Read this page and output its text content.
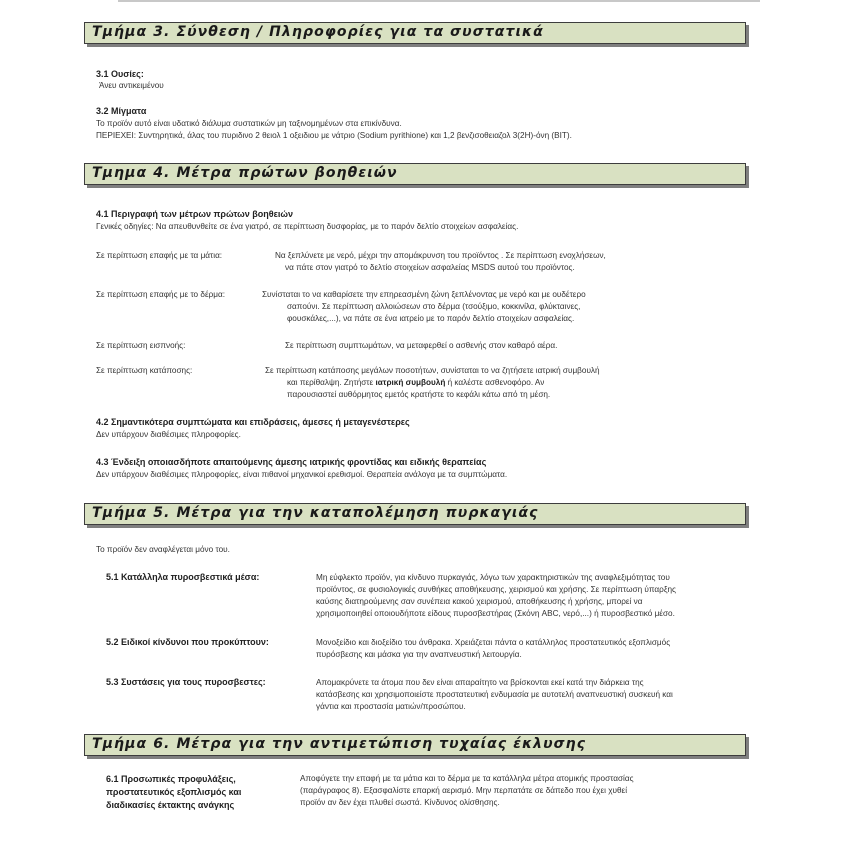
Τμήμα 3. Σύνθεση / Πληροφορίες για τα συστατικά
3.1 Ουσίες:
Άνευ αντικειμένου
3.2 Μίγματα
Το προϊόν αυτό είναι υδατικό διάλυμα συστατικών μη ταξινομημένων στα επικίνδυνα.
ΠΕΡΙΕΧΕΙ: Συντηρητικά, άλας του πυριδινο 2 θειολ 1 οξειδιου με νάτριο (Sodium pyrithione) και 1,2 βενζισοθειαζολ 3(2Η)-όνη (BIT).
Τμημα 4. Μέτρα πρώτων βοηθειών
4.1 Περιγραφή των μέτρων πρώτων βοηθειών
Γενικές οδηγίες: Να απευθυνθείτε σε ένα γιατρό, σε περίπτωση δυσφορίας, με το παρόν δελτίο στοιχείων ασφαλείας.
Σε περίπτωση επαφής με τα μάτια:	Να ξεπλύνετε με νερό, μέχρι την απομάκρυνση του προϊόντος . Σε περίπτωση ενοχλήσεων,
να πάτε στον γιατρό το δελτίο στοιχείων ασφαλείας MSDS αυτού του προϊόντος.
Σε περίπτωση επαφής με το δέρμα:	Συνίσταται το να καθαρίσετε την επηρεασμένη ζώνη ξεπλένοντας με νερό και με ουδέτερο
σαπούνι. Σε περίπτωση αλλοιώσεων στο δέρμα (τσούξιμο, κοκκινίλα, φλύκταινες,
φουσκάλες,...), να πάτε σε ένα ιατρείο με το παρόν δελτίο στοιχείων ασφαλείας.
Σε περίπτωση εισπνοής:	Σε περίπτωση συμπτωμάτων, να μεταφερθεί ο ασθενής στον καθαρό αέρα.
Σε περίπτωση κατάποσης:	Σε περίπτωση κατάποσης μεγάλων ποσοτήτων, συνίσταται το να ζητήσετε ιατρική συμβουλή
και περίθαλψη. Ζητήστε ιατρική συμβουλή ή καλέστε ασθενοφόρο. Αν
παρουσιαστεί αυθόρμητος εμετός κρατήστε το κεφάλι κάτω από τη μέση.
4.2 Σημαντικότερα συμπτώματα και επιδράσεις, άμεσες ή μεταγενέστερες
Δεν υπάρχουν διαθέσιμες πληροφορίες.
4.3 Ένδειξη οποιασδήποτε απαιτούμενης άμεσης ιατρικής φροντίδας και ειδικής θεραπείας
Δεν υπάρχουν διαθέσιμες πληροφορίες, είναι πιθανοί μηχανικοί ερεθισμοί. Θεραπεία ανάλογα με τα συμπτώματα.
Τμήμα 5. Μέτρα για την καταπολέμηση πυρκαγιάς
Το προϊόν δεν αναφλέγεται μόνο του.
5.1 Κατάλληλα πυροσβεστικά μέσα:	Μη εύφλεκτο προϊόν, για κίνδυνο πυρκαγιάς, λόγω των χαρακτηριστικών της αναφλεξιμότητας του
προϊόντος, σε φυσιολογικές συνθήκες αποθήκευσης, χειρισμού και χρήσης. Σε περίπτωση ύπαρξης
καύσης διατηρούμενης σαν συνέπεια κακού χειρισμού, αποθήκευσης ή χρήσης, μπορεί να
χρησιμοποιηθεί οποιουδήποτε είδους πυροσβεστήρας (Σκόνη ABC, νερό,...) ή πυροσβεστικό μέσο.
5.2 Ειδικοί κίνδυνοι που προκύπτουν:	Μονοξείδιο και διοξείδιο του άνθρακα. Χρειάζεται πάντα ο κατάλληλος προστατευτικός εξοπλισμός
πυρόσβεσης και μάσκα για την αναπνευστική λειτουργία.
5.3 Συστάσεις για τους πυροσβεστες:	Απομακρύνετε τα άτομα που δεν είναι απαραίτητο να βρίσκονται εκεί κατά την διάρκεια της
κατάσβεσης και χρησιμοποιείστε προστατευτική ενδυμασία με αυτοτελή αναπνευστική συσκευή και
γάντια και προστασία ματιών/προσώπου.
Τμήμα 6. Μέτρα για την αντιμετώπιση τυχαίας έκλυσης
6.1 Προσωπικές προφυλάξεις,
προστατευτικός εξοπλισμός και
διαδικασίες έκτακτης ανάγκης
Αποφύγετε την επαφή με τα μάτια και το δέρμα με τα κατάλληλα μέτρα ατομικής προστασίας
(παράγραφος 8). Εξασφαλίστε επαρκή αερισμό. Μην περπατάτε σε δάπεδο που έχει χυθεί
προϊόν αν δεν έχει πλυθεί σωστά. Κίνδυνος ολίσθησης.
